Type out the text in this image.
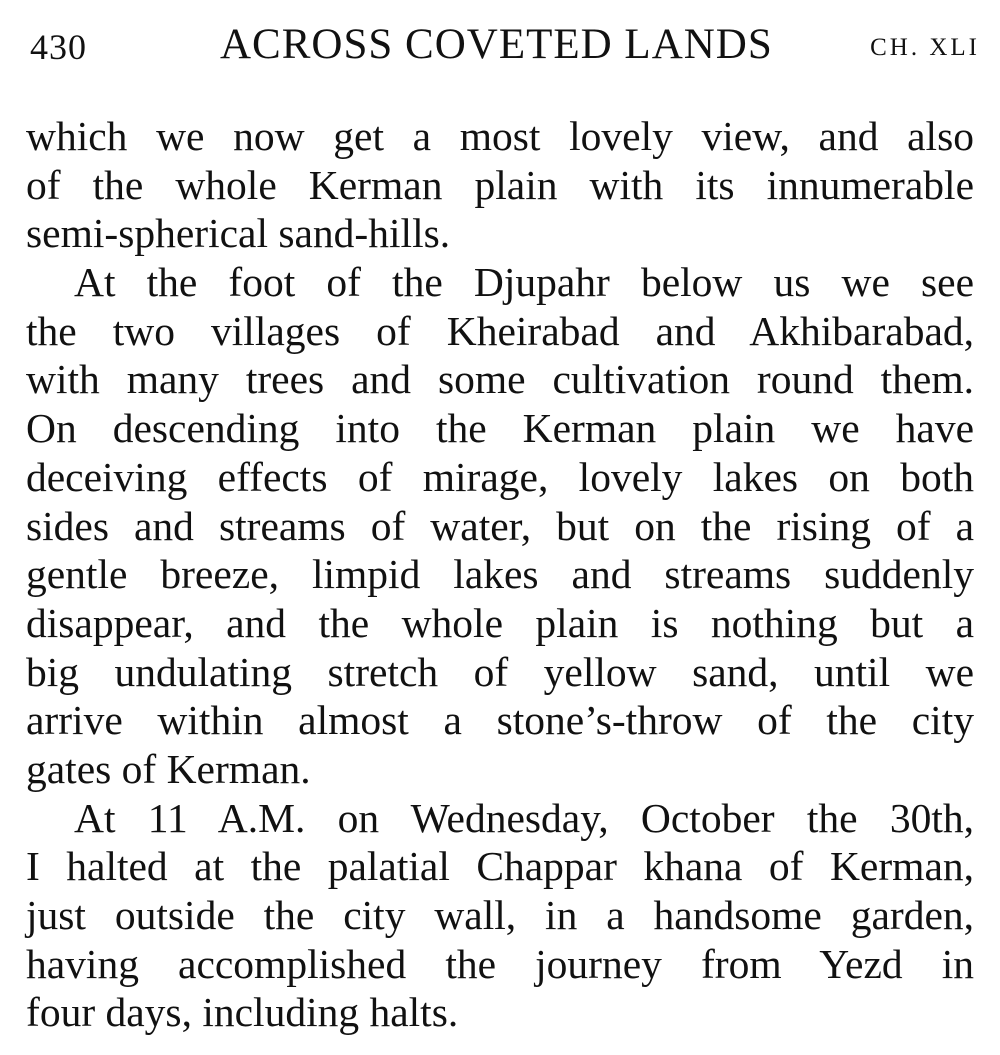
430	ACROSS COVETED LANDS	CH. XLI
which we now get a most lovely view, and also
of the whole Kerman plain with its innumerable
semi-spherical sand-hills.
At the foot of the Djupahr below us we see
the two villages of Kheirabad and Akhibarabad,
with many trees and some cultivation round them.
On descending into the Kerman plain we have
deceiving effects of mirage, lovely lakes on both
sides and streams of water, but on the rising of a
gentle breeze, limpid lakes and streams suddenly
disappear, and the whole plain is nothing but a
big undulating stretch of yellow sand, until we
arrive within almost a stone’s-throw of the city
gates of Kerman.
At 11 A.M. on Wednesday, October the 30th,
I halted at the palatial Chappar khana of Kerman,
just outside the city wall, in a handsome garden,
having accomplished the journey from Yezd in
four days, including halts.
